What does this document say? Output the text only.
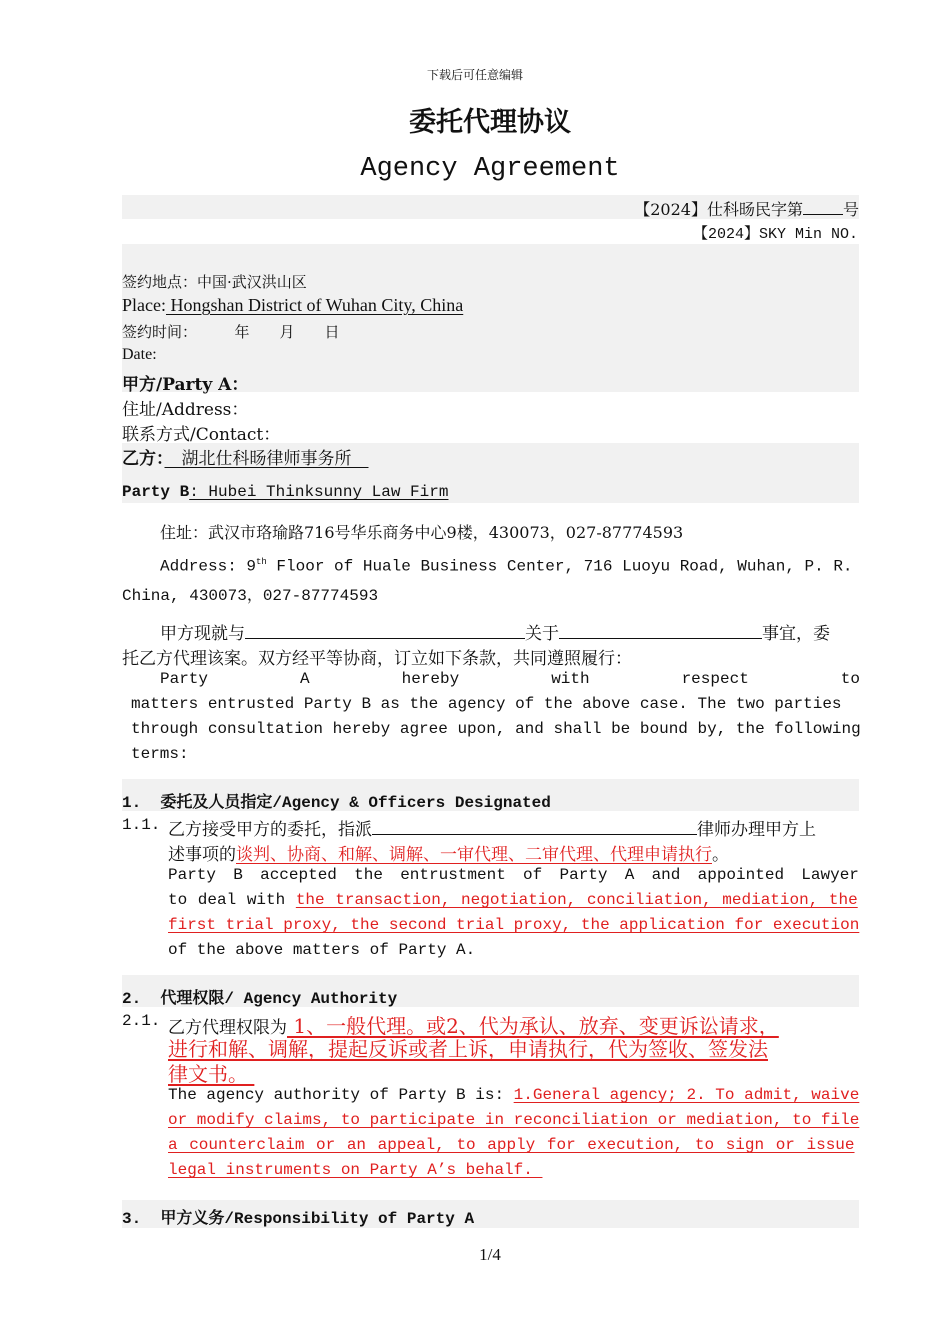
下载后可任意编辑
委托代理协议
Agency Agreement
【2024】仕科旸民字第	号
【2024】SKY Min NO.
签约地点：中国·武汉洪山区
Place: Hongshan District of Wuhan City, China
签约时间：　　　年　　月　　日
Date:
甲方/Party A：
住址/Address：
联系方式/Contact：
乙方：　湖北仕科旸律师事务所　
Party B: Hubei Thinksunny Law Firm
住址：武汉市珞瑜路716号华乐商务中心9楼，430073，027-87774593
Address: 9th Floor of Huale Business Center, 716 Luoyu Road, Wuhan, P. R.
China, 430073，027-87774593
甲方现就与	关于	事宜，委
托乙方代理该案。双方经平等协商，订立如下条款，共同遵照履行：
Party	A	hereby	with	respect	to
matters entrusted Party B as the agency of the above case. The two parties
through consultation hereby agree upon, and shall be bound by, the following
terms:
1.  委托及人员指定/Agency & Officers Designated
1.1. 乙方接受甲方的委托，指派	律师办理甲方上
述事项的谈判、协商、和解、调解、一审代理、二审代理、代理申请执行。
Party B accepted the entrustment of Party A and appointed Lawyer
to deal with the transaction, negotiation, conciliation, mediation, the
first trial proxy, the second trial proxy, the application for execution
of the above matters of Party A.
2.  代理权限/ Agency Authority
2.1. 乙方代理权限为 1、一般代理。或2、代为承认、放弃、变更诉讼请求，
进行和解、调解，提起反诉或者上诉，申请执行，代为签收、签发法
律文书。
The agency authority of Party B is: 1.General agency; 2. To admit, waive
or modify claims, to participate in reconciliation or mediation, to file
a counterclaim or an appeal, to apply for execution, to sign or issue
legal instruments on Party A’s behalf.
3.  甲方义务/Responsibility of Party A
1/4
